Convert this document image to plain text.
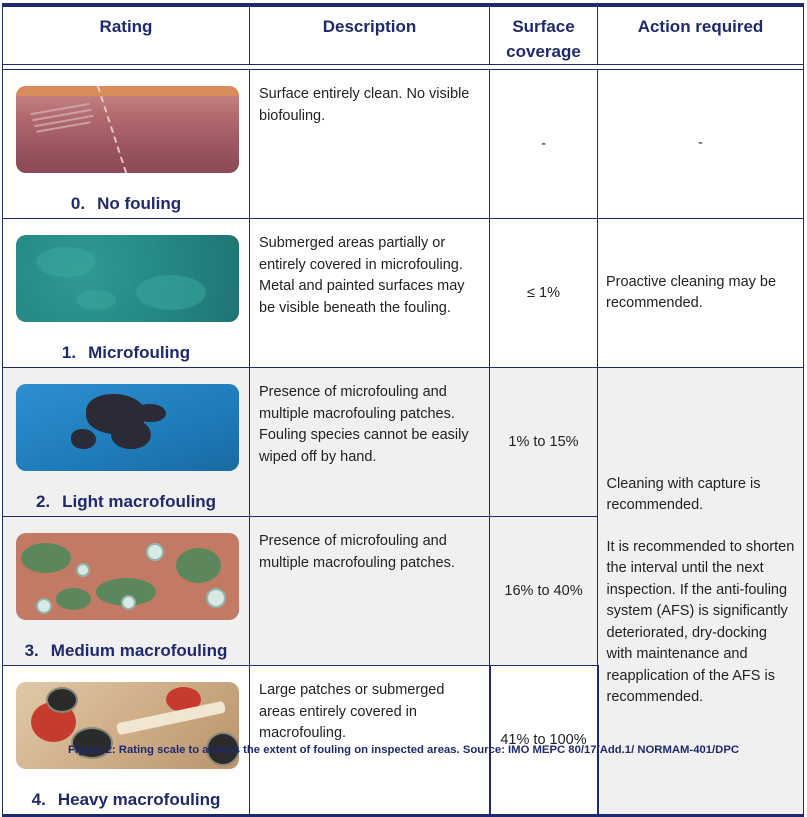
Rating	Description	Surface coverage	Action required

0. No fouling	Surface entirely clean. No visible biofouling.	-	-

1. Microfouling	Submerged areas partially or entirely covered in microfouling. Metal and painted surfaces may be visible beneath the fouling.	≤ 1%	Proactive cleaning may be recommended.

2. Light macrofouling	Presence of microfouling and multiple macrofouling patches. Fouling species cannot be easily wiped off by hand.	1% to 15%	Cleaning with capture is recommended.

It is recommended to shorten the interval until the next inspection. If the anti-fouling system (AFS) is significantly deteriorated, dry-docking with maintenance and reapplication of the AFS is recommended.

3. Medium macrofouling	Presence of microfouling and multiple macrofouling patches.	16% to 40%	

4. Heavy macrofouling	Large patches or submerged areas entirely covered in macrofouling.	41% to 100%	
Figure 2: Rating scale to assess the extent of fouling on inspected areas. Source: IMO MEPC 80/17/Add.1/ NORMAM-401/DPC
